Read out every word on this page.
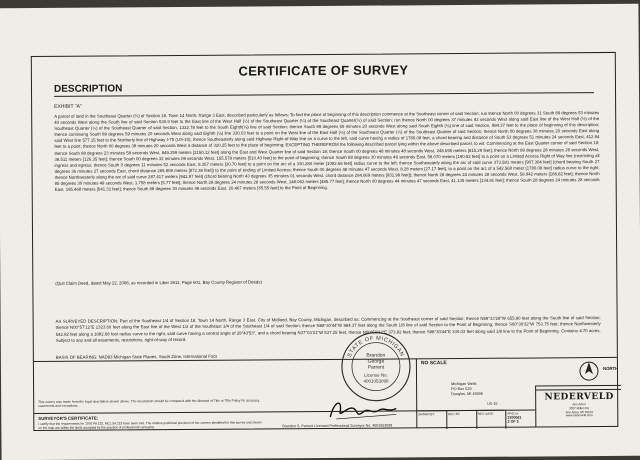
CERTIFICATE OF SURVEY
DESCRIPTION
EXHIBIT "A"
A parcel of land in the Southeast Quarter (¼) of Section 18, Town 14 North, Range 3 East, described particularly as follows: To find the place of beginning of this description commence at the Southeast corner of said Section; run thence North 00 degrees 31 South 89 degrees 53 minutes 40 seconds West along the South line of said Section 530.9 feet to the East line of the West Half (½) of the Southeast Quarter (¼) of the Southeast Quarter(¼) of said Section; run thence North 00 degrees 37 minutes 42 seconds West along said East line of the West Half (½) of the Southeast Quarter (¼) of the Southeast Quarter of said Section, 1322.78 feet to the South Eighth(⅛) line of said Section; thence South 89 degrees 59 minutes 20 seconds West along said South Eighth (⅛) line of said Section, 984.37 feet to the place of beginning of this description; thence continuing South 89 degrees 59 minutes 20 seconds West along said Eighth (⅛) line 330.03 feet to a point on the West line of the East Half (½) of the Southwest Quarter (¼) of the Southeast Quarter of said Section; thence North 00 degrees 38 minutes 20 seconds East along said West line 577.15 feet to the Northerly line of Highway I-75 (US-10); thence Southeasterly along said Highway Right-of-Way line on a curve to the left, said curve having a radius of 1780.08 feet, a chord bearing and distance of South 53 degrees 51 minutes 24 seconds East, 412.94 feet to a point; thence North 00 degrees 38 minutes 20 seconds West a distance of 320.25 feet to the place of beginning; EXCEPTING THEREFROM the following described parcel lying within the above described parcel, to wit: Commencing at the East Quarter corner of said Section 18; thence South 88 degrees 23 minutes 58 seconds West, 849.259 meters [2150.12 feet] along the East and West Quarter line of said Section 18; thence South 00 degrees 48 minutes 48 seconds West, 248.695 meters [815.29 feet]; thence North 89 degrees 28 minutes 29 seconds West, 38.511 meters [126.35 feet]; thence South 00 degrees 32 minutes 09 seconds West, 155.578 meters [510.43 feet] to the point of beginning; thence South 88 degrees 30 minutes 49 seconds East, 58.070 meters [190.52 feet] to a point on a Limited Access Right of Way line (restricting all ingress and egress; thence South 0 degrees 11 minutes 52 seconds East, 9.357 meters [30.70 feet] to a point on the arc of a 330.280 meter [1082.68 feet] radius curve to the left; thence Southeasterly along the arc of said curve 373.581 meters [907.304 feet] (chord bearing South 27 degrees 36 minutes 27 seconds East, chord distance 265.909 meters [872.38 feet]) to the point of ending of Limited Access; thence South 00 degrees 48 minutes 47 seconds West, 8.28 meters [27.17 feet], to a point on the arc of a 542.568 meter [1780.08 feet] radius curve to the right; thence Northwesterly along the arc of said curve 287.417 meters [942.97 feet] (chord bearing North 43 degrees 35 minutes 01 seconds West, chord distance 284.069 meters [931.98 feet]); thence North 28 degrees 24 minutes 28 seconds West, 58.942 meters [186.82 feet]; thence North 85 degrees 30 minutes 49 seconds West, 1.758 meters [5.77 feet]; thence North 28 degrees 24 minutes 28 seconds West, 148.062 meters [485.77 feet]; thence North 00 degrees 44 minutes 47 seconds East, 41.135 meters [134.91 feet]; thence South 28 degrees 24 minutes 28 seconds East, 195.468 meters [641.31 feet]; thence South 88 degrees 30 minutes 49 seconds East, 20.467 meters [65.55 feet] to the Point of Beginning.
(Quit Claim Deed, dated May 22, 2008, as recorded in Liber 2611, Page 601, Bay County Register of Deeds)
AS SURVEYED DESCRIPTION: Part of the Southeast 1/4 of Section 18, Town 14 North, Range 3 East, City of Midland, Bay County, Michigan, described as: Commencing at the Southeast corner of said Section; thence N89°33'28"W 655.90 feet along the South line of said Section; thence N00°57'12"E 1323.60 feet along the East line of the West 1/2 of the Southeast 1/4 of the Southeast 1/4 of said Section; thence N88°30'44"W 984.37 feet along the South 1/8 line of said Section to the Point of Beginning; thence S00°30'32"W 753.75 feet; thence Northwesterly 542.82 feet along a 1082.68 foot radius curve to the right, said curve having a central angle of 28°43'53", and a chord bearing N37°03'21"W 537.25 feet; thence N00°50'32"E 373.82 feet; thence S88°30'44"E 330.03 feet along said 1/8 line to the Point of Beginning. Contains 4.70 acres. Subject to any and all easements, restrictions, right-of-way of record.
BASIS OF BEARING: NAD83 Michigan State Planes, South Zone, International Foot	STATE OF MICHIGAN
Brandon
George
Parrent
License No.
4001053098
This survey was made from the legal description shown above. The description should be compared with the Abstract of Title or Title Policy for accuracy, easements and exceptions.
Brandon S. Parrent Licensed Professional Surveyor No. 4001053098
SURVEYOR'S CERTIFICATE:
I certify that the requirements for 1970 PA 132, MCL 54.213 have been met. The relative positional precision of the corners identified for this survey and shown on the map are within the limits accepted by the practice of professional surveying.
NO SCALE
NORTH
Michigan Wells
PO Box 529
Douglas, MI 49406
US-10
DRAWN BY:	REV. BY:	REV. DATE:	PROJ #:
2200061
2 OF 3
NEDERVELD
Ann Arbor
3037 Miller Rd.
Ann Arbor, MI 48103
www.nederveld.com
